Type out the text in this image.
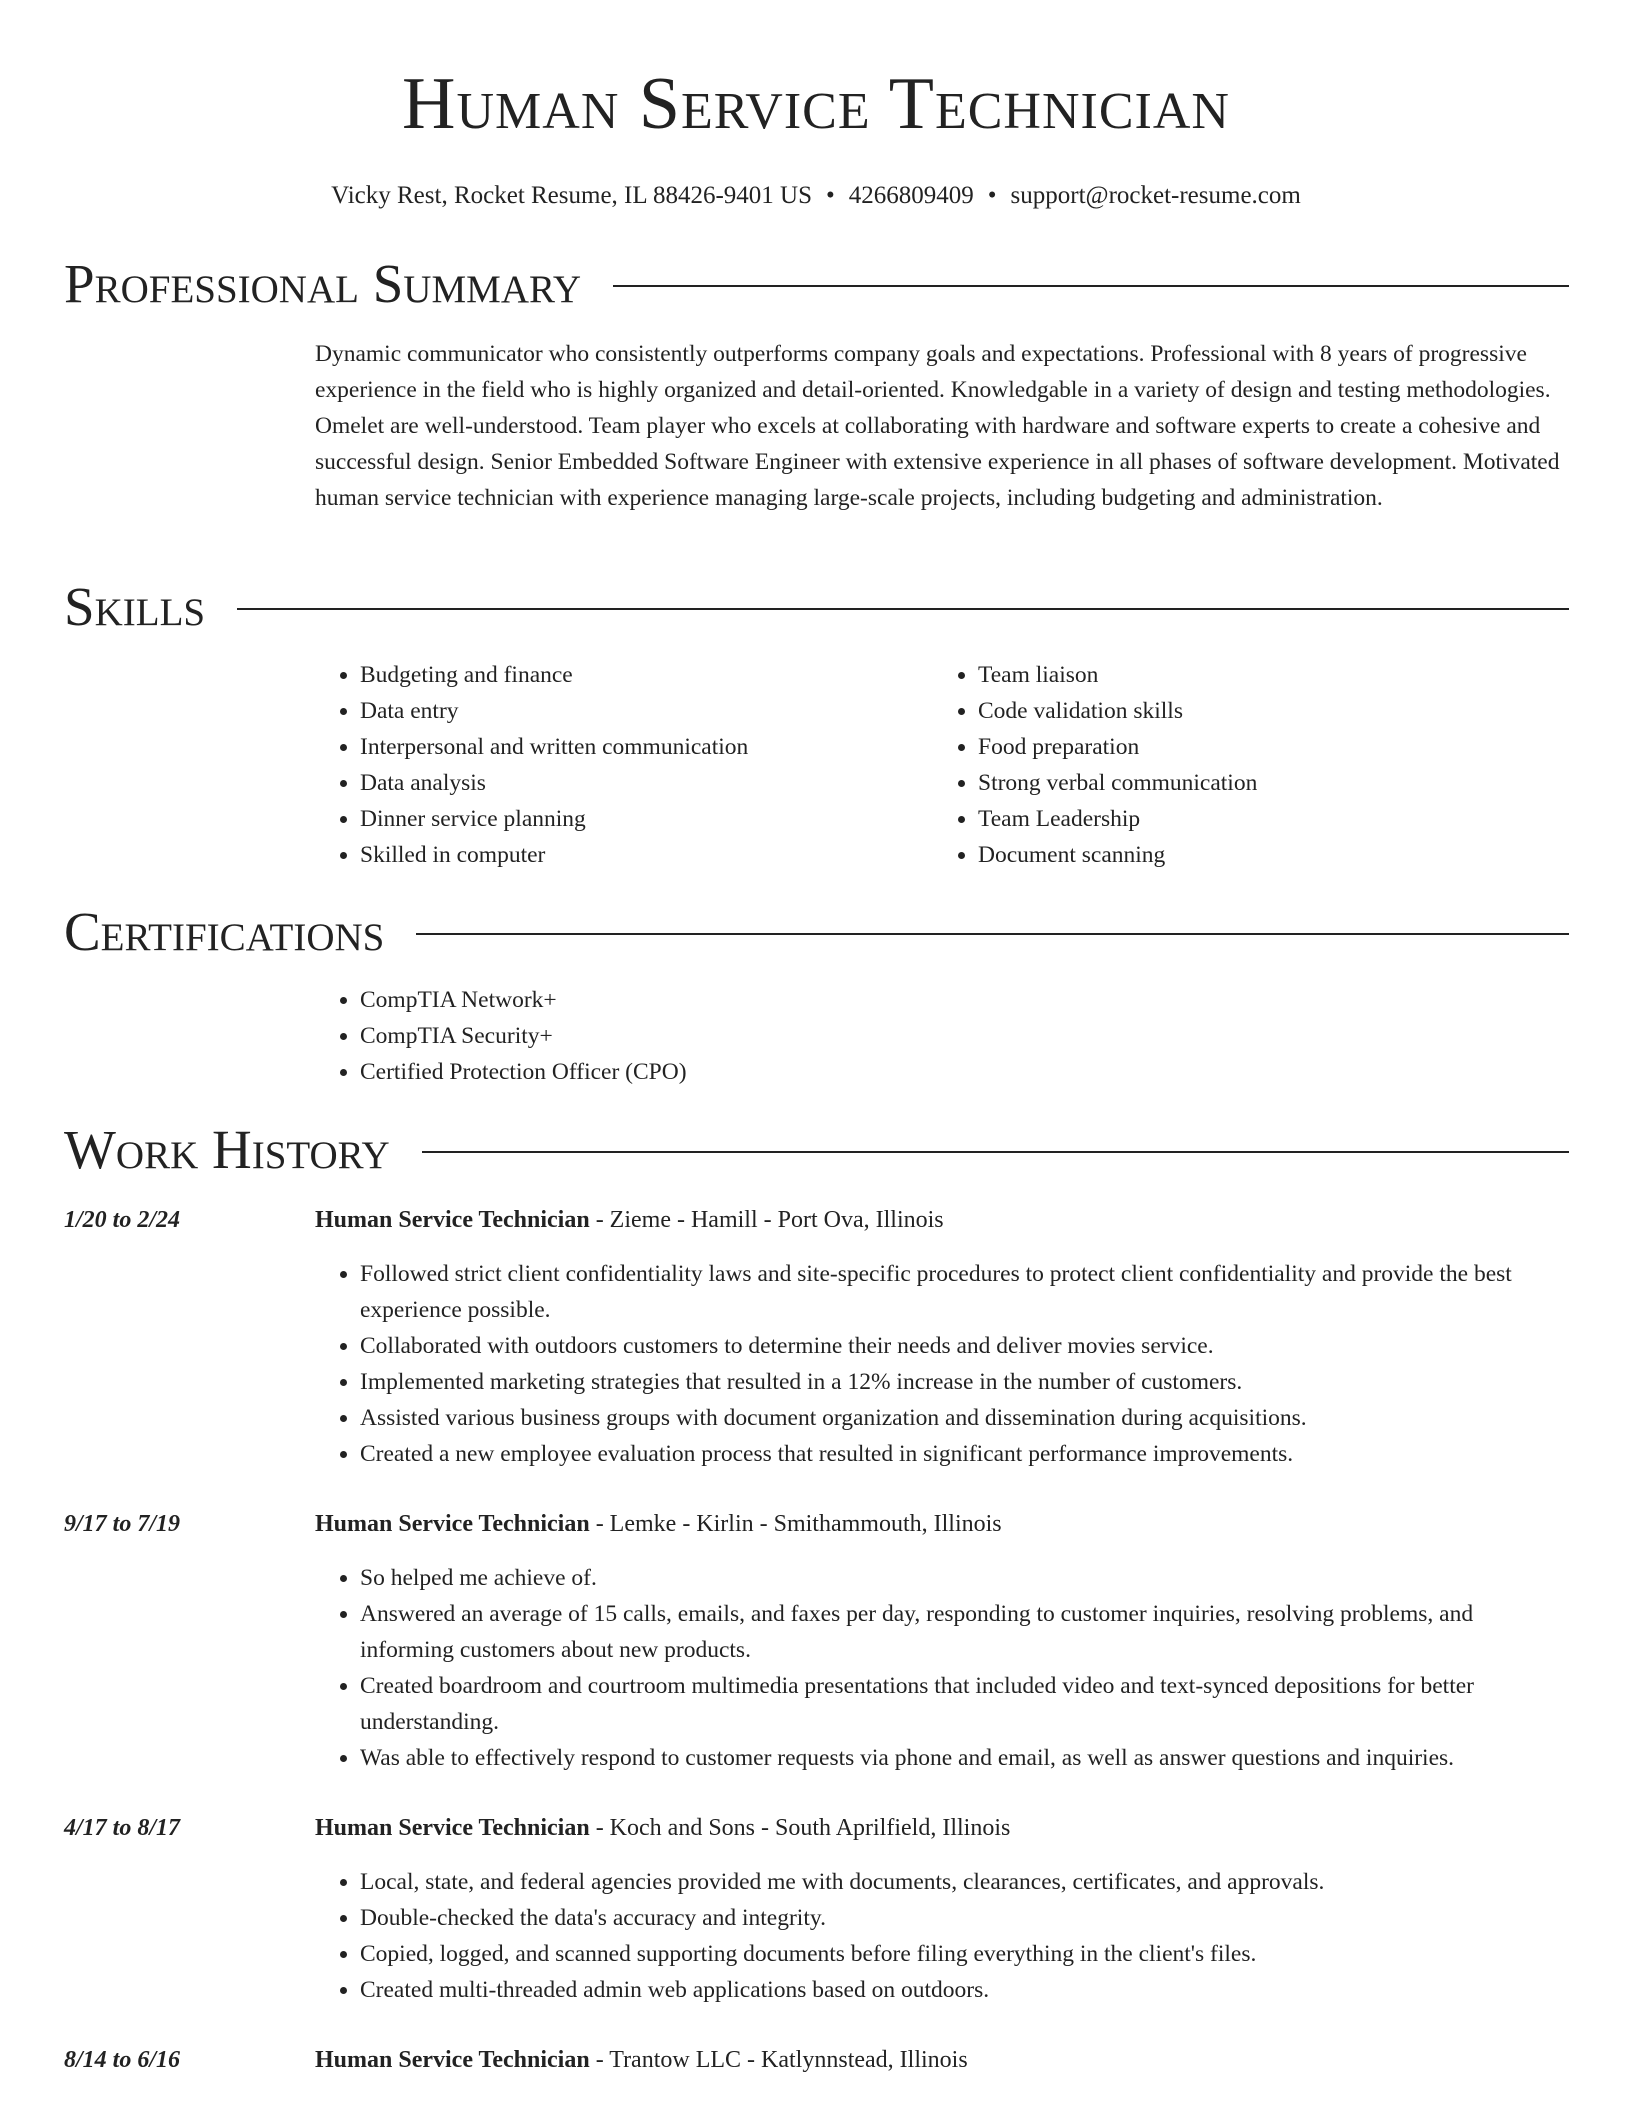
Human Service Technician
Vicky Rest, Rocket Resume, IL 88426-9401 US • 4266809409 • support@rocket-resume.com
Professional Summary

Dynamic communicator who consistently outperforms company goals and expectations. Professional with 8 years of progressive experience in the field who is highly organized and detail-oriented. Knowledgable in a variety of design and testing methodologies. Omelet are well-understood. Team player who excels at collaborating with hardware and software experts to create a cohesive and successful design. Senior Embedded Software Engineer with extensive experience in all phases of software development. Motivated human service technician with experience managing large-scale projects, including budgeting and administration.

Skills
• Budgeting and finance
• Data entry
• Interpersonal and written communication
• Data analysis
• Dinner service planning
• Skilled in computer
• Team liaison
• Code validation skills
• Food preparation
• Strong verbal communication
• Team Leadership
• Document scanning
Certifications
• CompTIA Network+
• CompTIA Security+
• Certified Protection Officer (CPO)
Work History
1/20 to 2/24	Human Service Technician - Zieme - Hamill - Port Ova, Illinois
• Followed strict client confidentiality laws and site-specific procedures to protect client confidentiality and provide the best experience possible.
• Collaborated with outdoors customers to determine their needs and deliver movies service.
• Implemented marketing strategies that resulted in a 12% increase in the number of customers.
• Assisted various business groups with document organization and dissemination during acquisitions.
• Created a new employee evaluation process that resulted in significant performance improvements.
9/17 to 7/19	Human Service Technician - Lemke - Kirlin - Smithammouth, Illinois
• So helped me achieve of.
• Answered an average of 15 calls, emails, and faxes per day, responding to customer inquiries, resolving problems, and informing customers about new products.
• Created boardroom and courtroom multimedia presentations that included video and text-synced depositions for better understanding.
• Was able to effectively respond to customer requests via phone and email, as well as answer questions and inquiries.
4/17 to 8/17	Human Service Technician - Koch and Sons - South Aprilfield, Illinois
• Local, state, and federal agencies provided me with documents, clearances, certificates, and approvals.
• Double-checked the data's accuracy and integrity.
• Copied, logged, and scanned supporting documents before filing everything in the client's files.
• Created multi-threaded admin web applications based on outdoors.
8/14 to 6/16	Human Service Technician - Trantow LLC - Katlynnstead, Illinois
